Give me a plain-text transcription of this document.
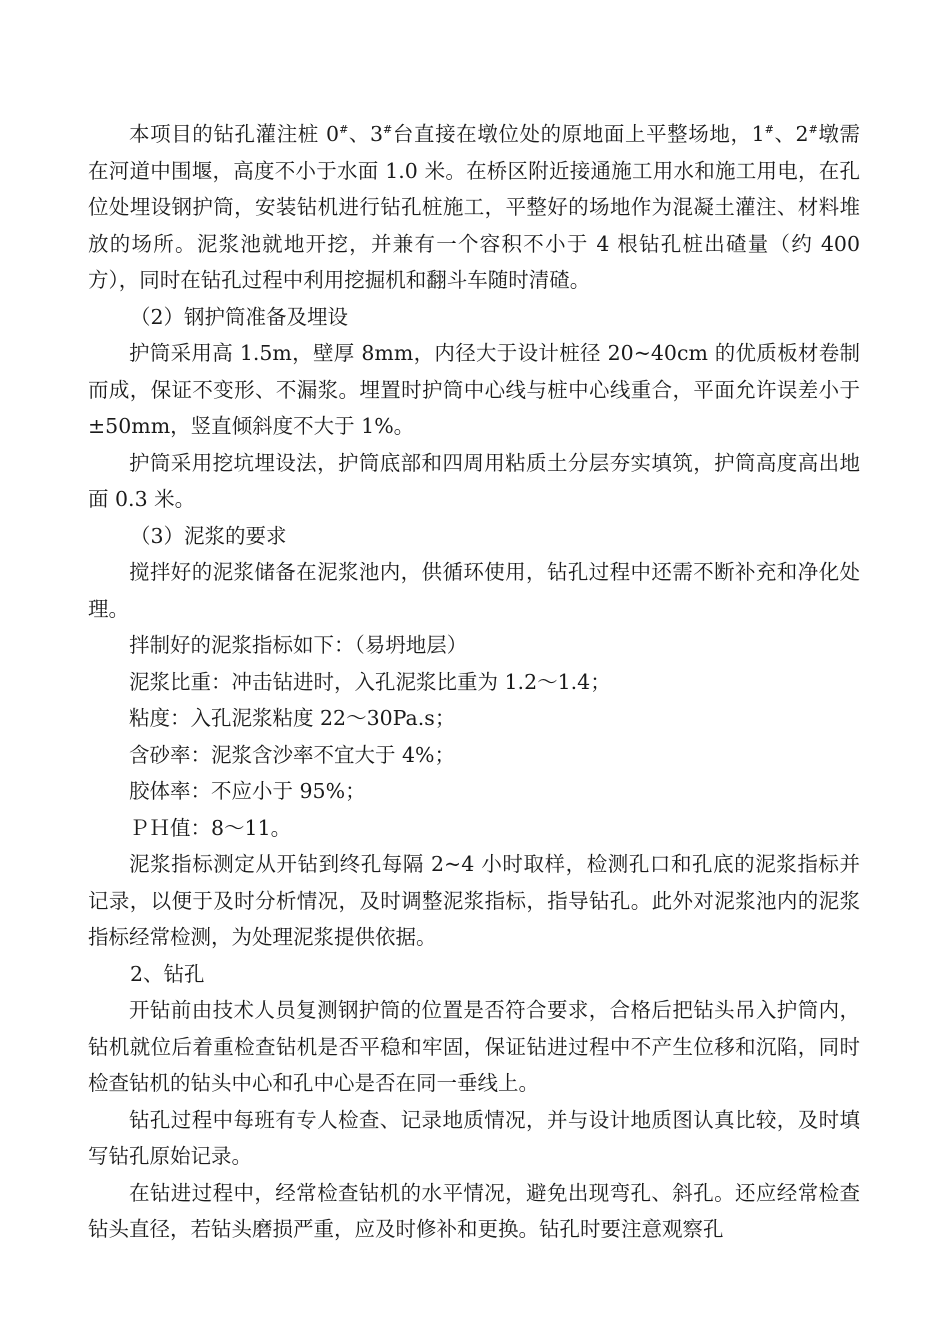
本项目的钻孔灌注桩 0#、3#台直接在墩位处的原地面上平整场地，1#、2#墩需在河道中围堰，高度不小于水面 1.0 米。在桥区附近接通施工用水和施工用电，在孔位处埋设钢护筒，安装钻机进行钻孔桩施工，平整好的场地作为混凝土灌注、材料堆放的场所。泥浆池就地开挖，并兼有一个容积不小于 4 根钻孔桩出碴量（约 400 方），同时在钻孔过程中利用挖掘机和翻斗车随时清碴。

（2）钢护筒准备及埋设

护筒采用高 1.5m，壁厚 8mm，内径大于设计桩径 20~40cm 的优质板材卷制而成，保证不变形、不漏浆。埋置时护筒中心线与桩中心线重合，平面允许误差小于±50mm，竖直倾斜度不大于 1%。

护筒采用挖坑埋设法，护筒底部和四周用粘质土分层夯实填筑，护筒高度高出地面 0.3 米。

（3）泥浆的要求

搅拌好的泥浆储备在泥浆池内，供循环使用，钻孔过程中还需不断补充和净化处理。

拌制好的泥浆指标如下：（易坍地层）

泥浆比重：冲击钻进时，入孔泥浆比重为 1.2～1.4；

粘度：入孔泥浆粘度 22～30Pa.s；

含砂率：泥浆含沙率不宜大于 4%；

胶体率：不应小于 95%；

ＰＨ值：8～11。

泥浆指标测定从开钻到终孔每隔 2~4 小时取样，检测孔口和孔底的泥浆指标并记录，以便于及时分析情况，及时调整泥浆指标，指导钻孔。此外对泥浆池内的泥浆指标经常检测，为处理泥浆提供依据。

2、钻孔

开钻前由技术人员复测钢护筒的位置是否符合要求，合格后把钻头吊入护筒内，钻机就位后着重检查钻机是否平稳和牢固，保证钻进过程中不产生位移和沉陷，同时检查钻机的钻头中心和孔中心是否在同一垂线上。

钻孔过程中每班有专人检查、记录地质情况，并与设计地质图认真比较，及时填写钻孔原始记录。

在钻进过程中，经常检查钻机的水平情况，避免出现弯孔、斜孔。还应经常检查钻头直径，若钻头磨损严重，应及时修补和更换。钻孔时要注意观察孔
